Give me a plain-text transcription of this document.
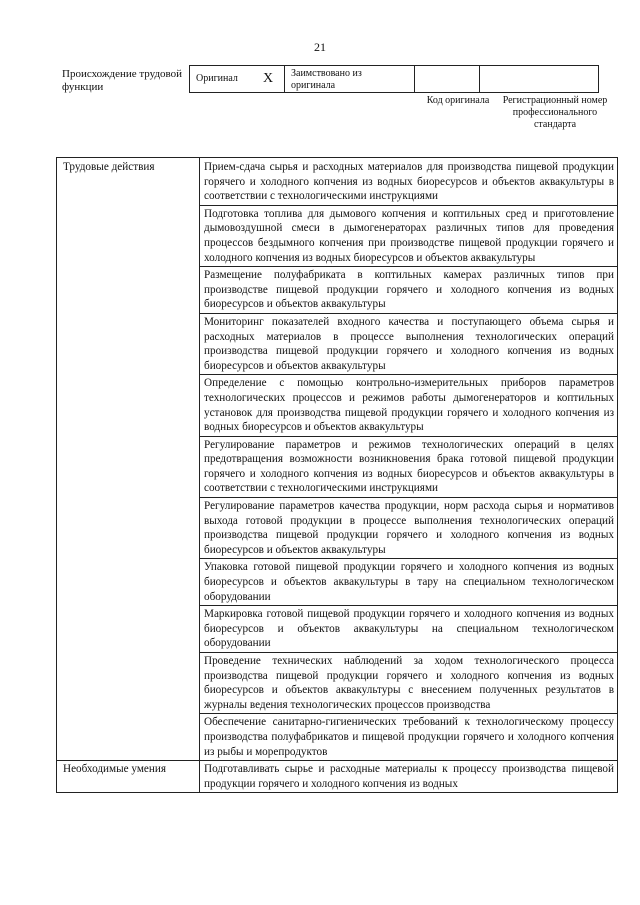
21
Происхождение трудовой функции
Оригинал	X	Заимствовано из оригинала		
Код оригинала	Регистрационный номер профессионального стандарта
Трудовые действия	Прием-сдача сырья и расходных материалов для производства пищевой продукции горячего и холодного копчения из водных биоресурсов и объектов аквакультуры в соответствии с технологическими инструкциями
	Подготовка топлива для дымового копчения и коптильных сред и приготовление дымовоздушной смеси в дымогенераторах различных типов для проведения процессов бездымного копчения при производстве пищевой продукции горячего и холодного копчения из водных биоресурсов и объектов аквакультуры
	Размещение полуфабриката в коптильных камерах различных типов при производстве пищевой продукции горячего и холодного копчения из водных биоресурсов и объектов аквакультуры
	Мониторинг показателей входного качества и поступающего объема сырья и расходных материалов в процессе выполнения технологических операций производства пищевой продукции горячего и холодного копчения из водных биоресурсов и объектов аквакультуры
	Определение с помощью контрольно-измерительных приборов параметров технологических процессов и режимов работы дымогенераторов и коптильных установок для производства пищевой продукции горячего и холодного копчения из водных биоресурсов и объектов аквакультуры
	Регулирование параметров и режимов технологических операций в целях предотвращения возможности возникновения брака готовой пищевой продукции горячего и холодного копчения из водных биоресурсов и объектов аквакультуры в соответствии с технологическими инструкциями
	Регулирование параметров качества продукции, норм расхода сырья и нормативов выхода готовой продукции в процессе выполнения технологических операций производства пищевой продукции горячего и холодного копчения из водных биоресурсов и объектов аквакультуры
	Упаковка готовой пищевой продукции горячего и холодного копчения из водных биоресурсов и объектов аквакультуры в тару на специальном технологическом оборудовании
	Маркировка готовой пищевой продукции горячего и холодного копчения из водных биоресурсов и объектов аквакультуры на специальном технологическом оборудовании
	Проведение технических наблюдений за ходом технологического процесса производства пищевой продукции горячего и холодного копчения из водных биоресурсов и объектов аквакультуры с внесением полученных результатов в журналы ведения технологических процессов производства
	Обеспечение санитарно-гигиенических требований к технологическому процессу производства полуфабрикатов и пищевой продукции горячего и холодного копчения из рыбы и морепродуктов
Необходимые умения	Подготавливать сырье и расходные материалы к процессу производства пищевой продукции горячего и холодного копчения из водных
